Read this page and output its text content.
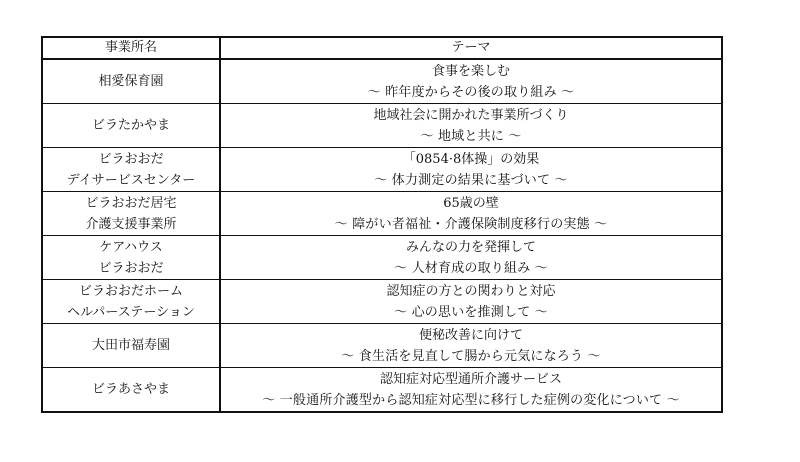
事業所名	テーマ

相愛保育園	食事を楽しむ
～ 昨年度からその後の取り組み ～

ビラたかやま	地域社会に開かれた事業所づくり
～ 地域と共に ～

ビラおおだ
デイサービスセンター	「0854·8体操」の効果
～ 体力測定の結果に基づいて ～

ビラおおだ居宅
介護支援事業所	65歳の壁
～ 障がい者福祉・介護保険制度移行の実態 ～

ケアハウス
ビラおおだ	みんなの力を発揮して
～ 人材育成の取り組み ～

ビラおおだホーム
ヘルパーステーション	認知症の方との関わりと対応
～ 心の思いを推測して ～

大田市福寿園	便秘改善に向けて
～ 食生活を見直して腸から元気になろう ～

ビラあさやま	認知症対応型通所介護サービス
～ 一般通所介護型から認知症対応型に移行した症例の変化について ～
